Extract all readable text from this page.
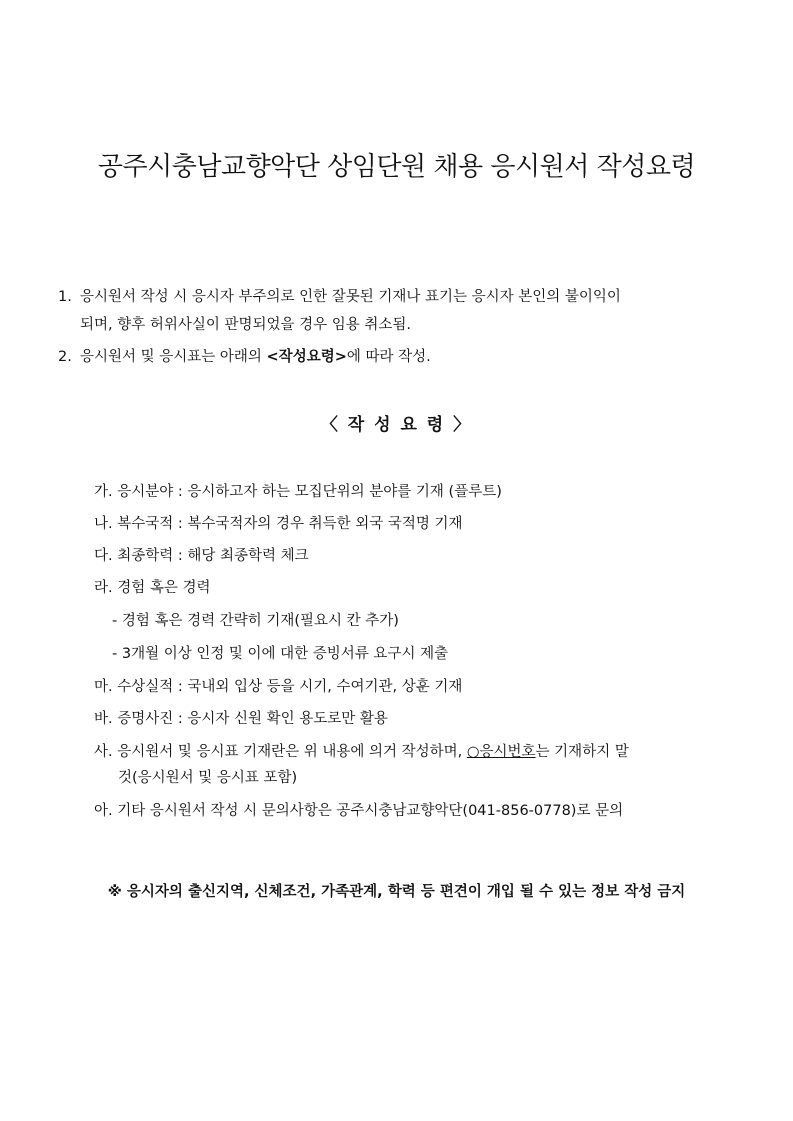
공주시충남교향악단 상임단원 채용 응시원서 작성요령
1. 응시원서 작성 시 응시자 부주의로 인한 잘못된 기재나 표기는 응시자 본인의 불이익이
되며, 향후 허위사실이 판명되었을 경우 임용 취소됨.
2. 응시원서 및 응시표는 아래의 <작성요령>에 따라 작성.
〈 작 성 요 령 〉
가. 응시분야 : 응시하고자 하는 모집단위의 분야를 기재 (플루트)
나. 복수국적 : 복수국적자의 경우 취득한 외국 국적명 기재
다. 최종학력 : 해당 최종학력 체크
라. 경험 혹은 경력
- 경험 혹은 경력 간략히 기재(필요시 칸 추가)
- 3개월 이상 인정 및 이에 대한 증빙서류 요구시 제출
마. 수상실적 : 국내외 입상 등을 시기, 수여기관, 상훈 기재
바. 증명사진 : 응시자 신원 확인 용도로만 활용
사. 응시원서 및 응시표 기재란은 위 내용에 의거 작성하며, ○응시번호는 기재하지 말
것(응시원서 및 응시표 포함)
아. 기타 응시원서 작성 시 문의사항은 공주시충남교향악단(041-856-0778)로 문의
※ 응시자의 출신지역, 신체조건, 가족관계, 학력 등 편견이 개입 될 수 있는 정보 작성 금지
